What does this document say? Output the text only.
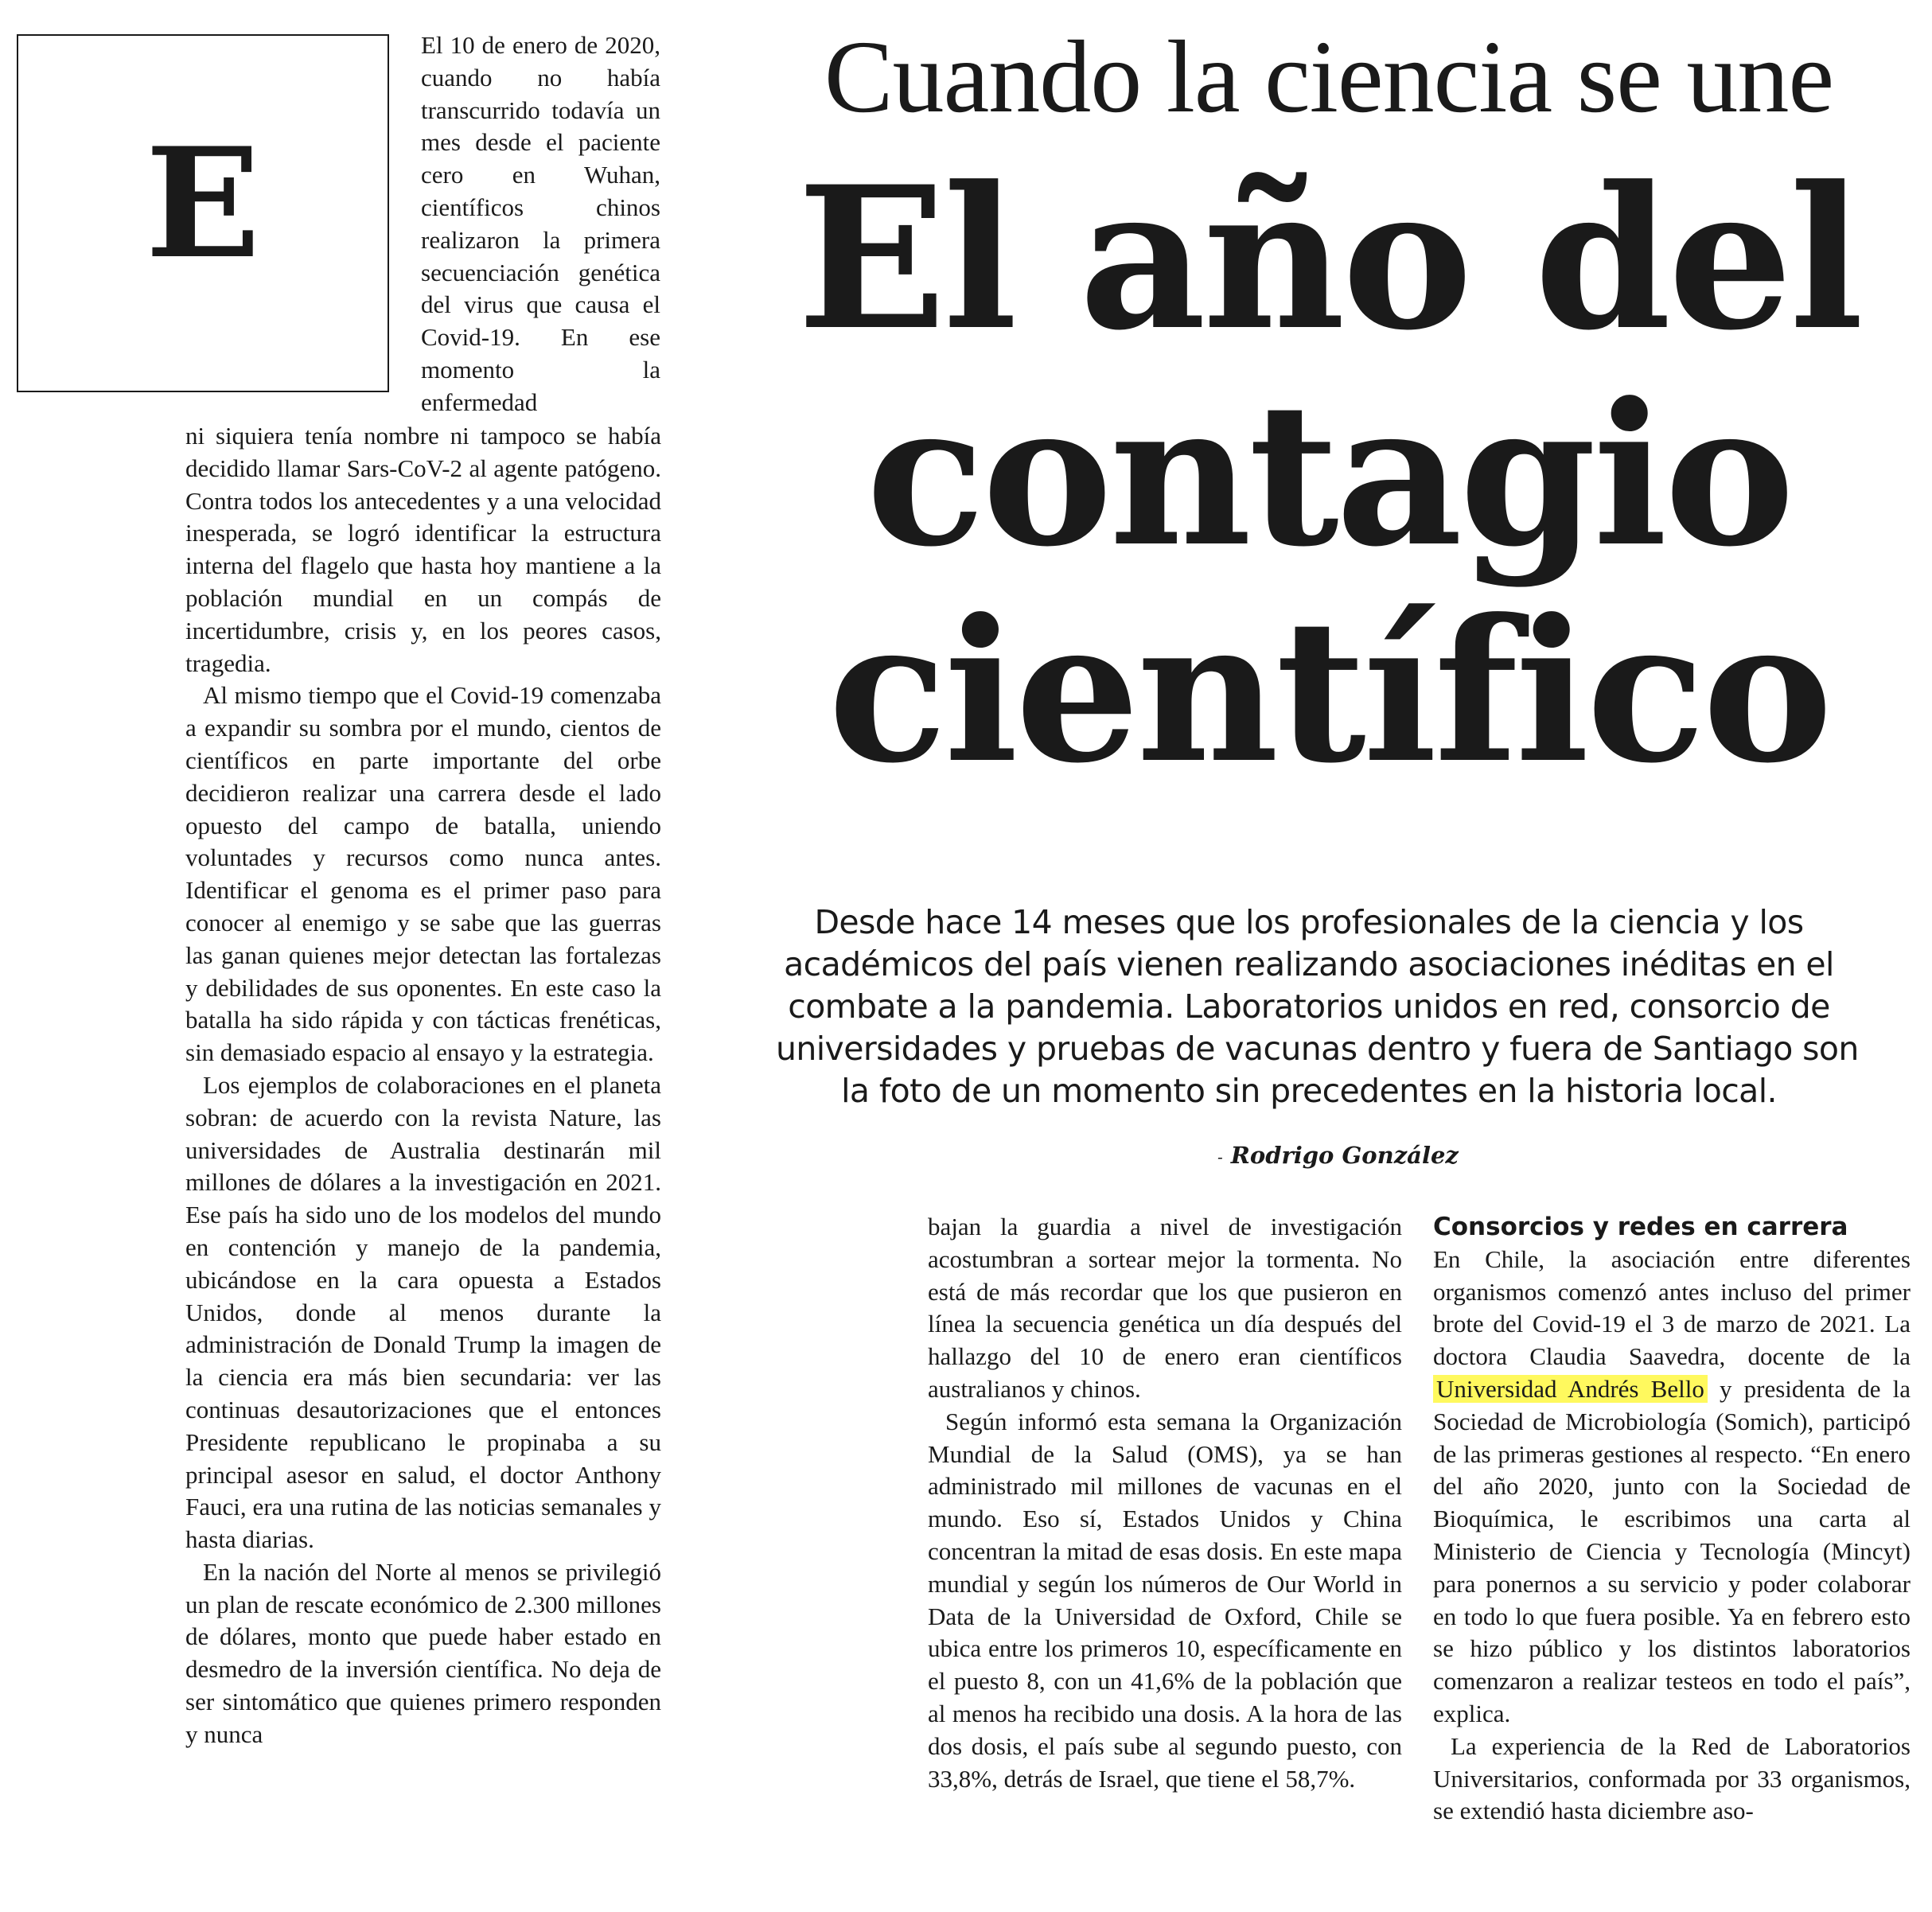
E

El 10 de enero de 2020, cuando no había transcurrido todavía un mes desde el paciente cero en Wuhan, científicos chinos realizaron la primera secuenciación genética del virus que causa el Covid-19. En ese momento la enfermedad

ni siquiera tenía nombre ni tampoco se había decidido llamar Sars-CoV-2 al agente patógeno. Contra todos los antecedentes y a una velocidad inesperada, se logró identificar la estructura interna del flagelo que hasta hoy mantiene a la población mundial en un compás de incertidumbre, crisis y, en los peores casos, tragedia.

Al mismo tiempo que el Covid-19 comenzaba a expandir su sombra por el mundo, cientos de científicos en parte importante del orbe decidieron realizar una carrera desde el lado opuesto del campo de batalla, uniendo voluntades y recursos como nunca antes. Identificar el genoma es el primer paso para conocer al enemigo y se sabe que las guerras las ganan quienes mejor detectan las fortalezas y debilidades de sus oponentes. En este caso la batalla ha sido rápida y con tácticas frenéticas, sin demasiado espacio al ensayo y la estrategia.

Los ejemplos de colaboraciones en el planeta sobran: de acuerdo con la revista Nature, las universidades de Australia destinarán mil millones de dólares a la investigación en 2021. Ese país ha sido uno de los modelos del mundo en contención y manejo de la pandemia, ubicándose en la cara opuesta a Estados Unidos, donde al menos durante la administración de Donald Trump la imagen de la ciencia era más bien secundaria: ver las continuas desautorizaciones que el entonces Presidente republicano le propinaba a su principal asesor en salud, el doctor Anthony Fauci, era una rutina de las noticias semanales y hasta diarias.

En la nación del Norte al menos se privilegió un plan de rescate económico de 2.300 millones de dólares, monto que puede haber estado en desmedro de la inversión científica. No deja de ser sintomático que quienes primero responden y nunca

Cuando la ciencia se une
El año del
contagio
científico
Desde hace 14 meses que los profesionales de la ciencia y los
académicos del país vienen realizando asociaciones inéditas en el
combate a la pandemia. Laboratorios unidos en red, consorcio de
universidades y pruebas de vacunas dentro y fuera de Santiago son
la foto de un momento sin precedentes en la historia local.
- Rodrigo González

bajan la guardia a nivel de investigación acostumbran a sortear mejor la tormenta. No está de más recordar que los que pusieron en línea la secuencia genética un día después del hallazgo del 10 de enero eran científicos australianos y chinos.

Según informó esta semana la Organización Mundial de la Salud (OMS), ya se han administrado mil millones de vacunas en el mundo. Eso sí, Estados Unidos y China concentran la mitad de esas dosis. En este mapa mundial y según los números de Our World in Data de la Universidad de Oxford, Chile se ubica entre los primeros 10, específicamente en el puesto 8, con un 41,6% de la población que al menos ha recibido una dosis. A la hora de las dos dosis, el país sube al segundo puesto, con 33,8%, detrás de Israel, que tiene el 58,7%.

Consorcios y redes en carrera

En Chile, la asociación entre diferentes organismos comenzó antes incluso del primer brote del Covid-19 el 3 de marzo de 2021. La doctora Claudia Saavedra, docente de la Universidad Andrés Bello y presidenta de la Sociedad de Microbiología (Somich), participó de las primeras gestiones al respecto. “En enero del año 2020, junto con la Sociedad de Bioquímica, le escribimos una carta al Ministerio de Ciencia y Tecnología (Mincyt) para ponernos a su servicio y poder colaborar en todo lo que fuera posible. Ya en febrero esto se hizo público y los distintos laboratorios comenzaron a realizar testeos en todo el país”, explica.

La experiencia de la Red de Laboratorios Universitarios, conformada por 33 organismos, se extendió hasta diciembre aso-
